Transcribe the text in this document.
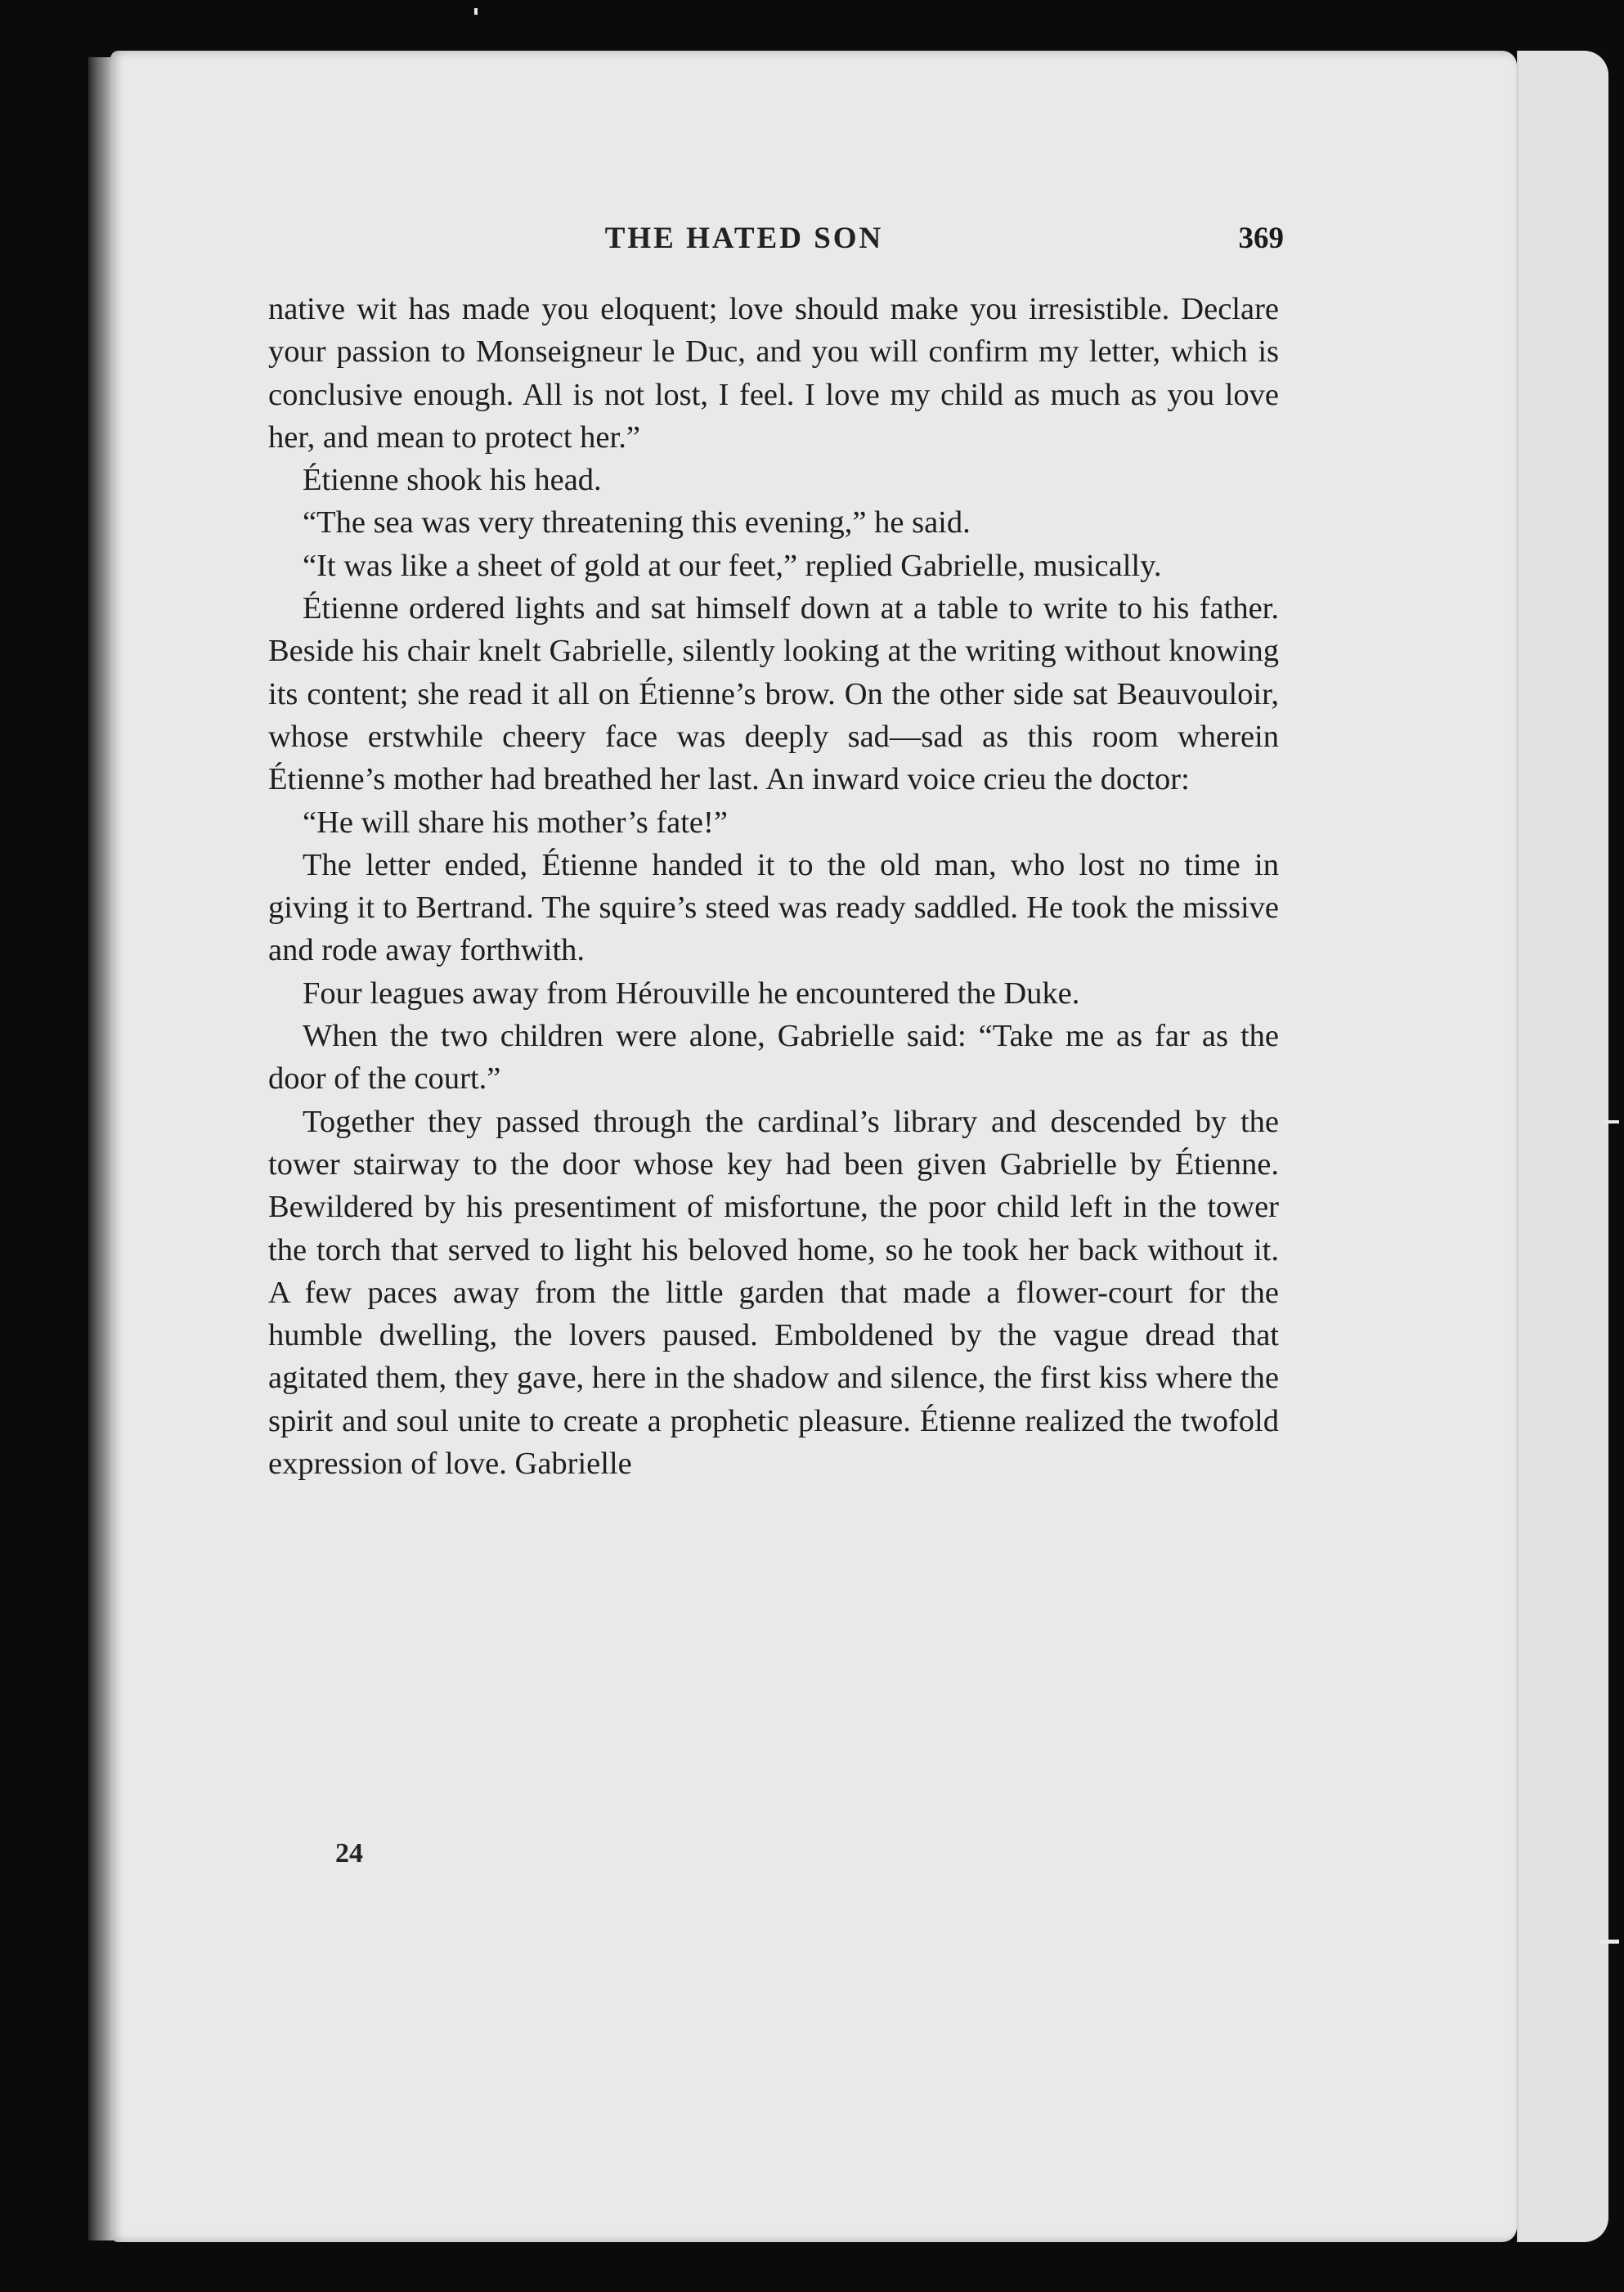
THE HATED SON	369

native wit has made you eloquent; love should make you irresistible. Declare your passion to Monseigneur le Duc, and you will confirm my letter, which is conclusive enough. All is not lost, I feel. I love my child as much as you love her, and mean to protect her.”

Étienne shook his head.

“The sea was very threatening this evening,” he said.

“It was like a sheet of gold at our feet,” replied Gabrielle, musically.

Étienne ordered lights and sat himself down at a table to write to his father. Beside his chair knelt Gabrielle, silently looking at the writing without knowing its content; she read it all on Étienne’s brow. On the other side sat Beauvouloir, whose erstwhile cheery face was deeply sad—sad as this room wherein Étienne’s mother had breathed her last. An inward voice crieu the doctor:

“He will share his mother’s fate!”

The letter ended, Étienne handed it to the old man, who lost no time in giving it to Bertrand. The squire’s steed was ready saddled. He took the missive and rode away forthwith.

Four leagues away from Hérouville he encountered the Duke.

When the two children were alone, Gabrielle said: “Take me as far as the door of the court.”

Together they passed through the cardinal’s library and descended by the tower stairway to the door whose key had been given Gabrielle by Étienne. Bewildered by his presentiment of misfortune, the poor child left in the tower the torch that served to light his beloved home, so he took her back without it. A few paces away from the little garden that made a flower-court for the humble dwelling, the lovers paused. Emboldened by the vague dread that agitated them, they gave, here in the shadow and silence, the first kiss where the spirit and soul unite to create a prophetic pleasure. Étienne realized the twofold expression of love. Gabrielle

24
